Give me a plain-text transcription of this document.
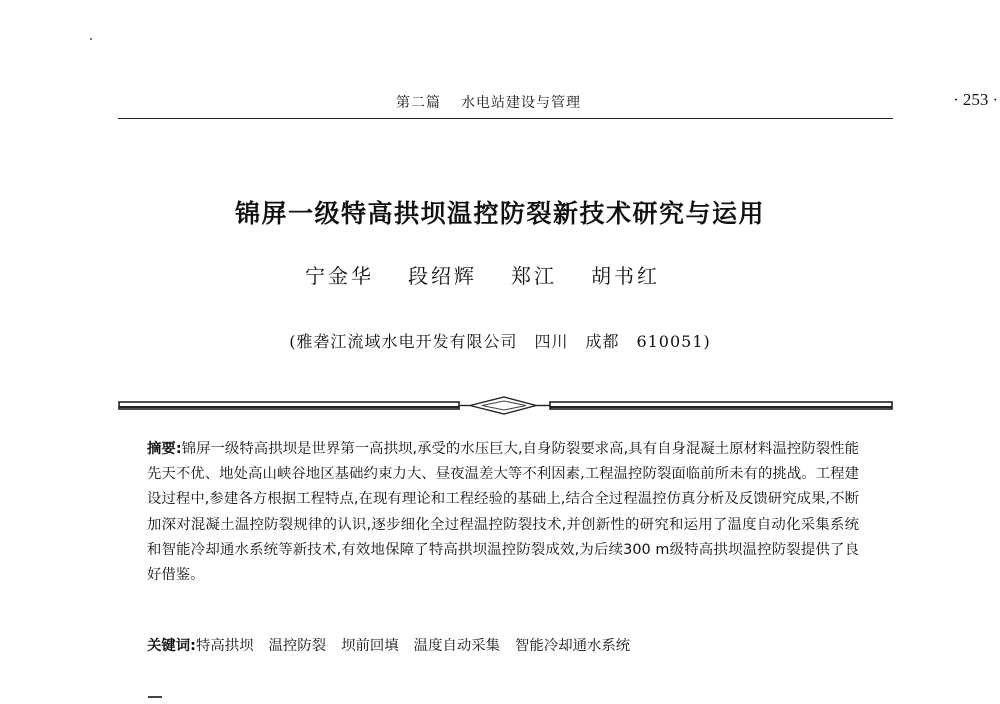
第二篇 水电站建设与管理	· 253 ·
锦屏一级特高拱坝温控防裂新技术研究与运用
宁金华 段绍辉 郑江 胡书红
(雅砻江流域水电开发有限公司　四川　成都　610051)
摘要:锦屏一级特高拱坝是世界第一高拱坝,承受的水压巨大,自身防裂要求高,具有自身混凝土原材料温控防裂性能先天不优、地处高山峡谷地区基础约束力大、昼夜温差大等不利因素,工程温控防裂面临前所未有的挑战。工程建设过程中,参建各方根据工程特点,在现有理论和工程经验的基础上,结合全过程温控仿真分析及反馈研究成果,不断加深对混凝土温控防裂规律的认识,逐步细化全过程温控防裂技术,并创新性的研究和运用了温度自动化采集系统和智能冷却通水系统等新技术,有效地保障了特高拱坝温控防裂成效,为后续300 m级特高拱坝温控防裂提供了良好借鉴。
关键词:特高拱坝 温控防裂 坝前回填 温度自动采集 智能冷却通水系统
